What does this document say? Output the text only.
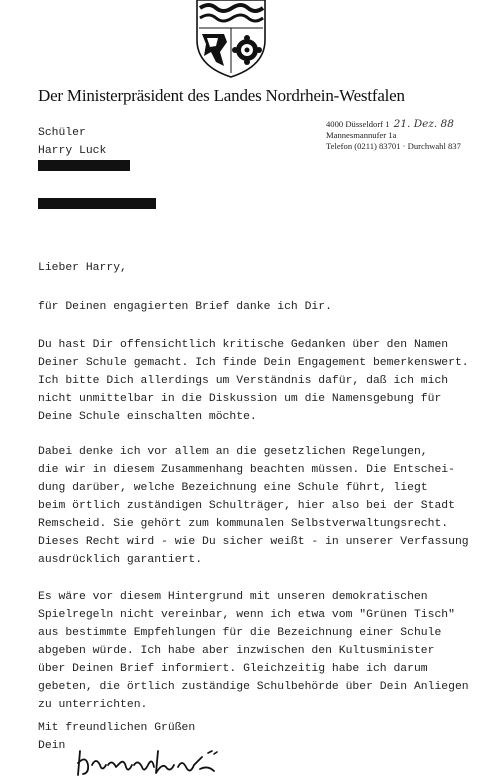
Der Ministerpräsident des Landes Nordrhein-Westfalen
Schüler
Harry Luck
4000 Düsseldorf 1 21. Dez. 88
Mannesmannufer 1a
Telefon (0211) 83701 · Durchwahl 837
Lieber Harry,
für Deinen engagierten Brief danke ich Dir.
Du hast Dir offensichtlich kritische Gedanken über den Namen
Deiner Schule gemacht. Ich finde Dein Engagement bemerkenswert.
Ich bitte Dich allerdings um Verständnis dafür, daß ich mich
nicht unmittelbar in die Diskussion um die Namensgebung für
Deine Schule einschalten möchte.
Dabei denke ich vor allem an die gesetzlichen Regelungen,
die wir in diesem Zusammenhang beachten müssen. Die Entschei-
dung darüber, welche Bezeichnung eine Schule führt, liegt
beim örtlich zuständigen Schulträger, hier also bei der Stadt
Remscheid. Sie gehört zum kommunalen Selbstverwaltungsrecht.
Dieses Recht wird - wie Du sicher weißt - in unserer Verfassung
ausdrücklich garantiert.
Es wäre vor diesem Hintergrund mit unseren demokratischen
Spielregeln nicht vereinbar, wenn ich etwa vom "Grünen Tisch"
aus bestimmte Empfehlungen für die Bezeichnung einer Schule
abgeben würde. Ich habe aber inzwischen den Kultusminister
über Deinen Brief informiert. Gleichzeitig habe ich darum
gebeten, die örtlich zuständige Schulbehörde über Dein Anliegen
zu unterrichten.
Mit freundlichen Grüßen
Dein
